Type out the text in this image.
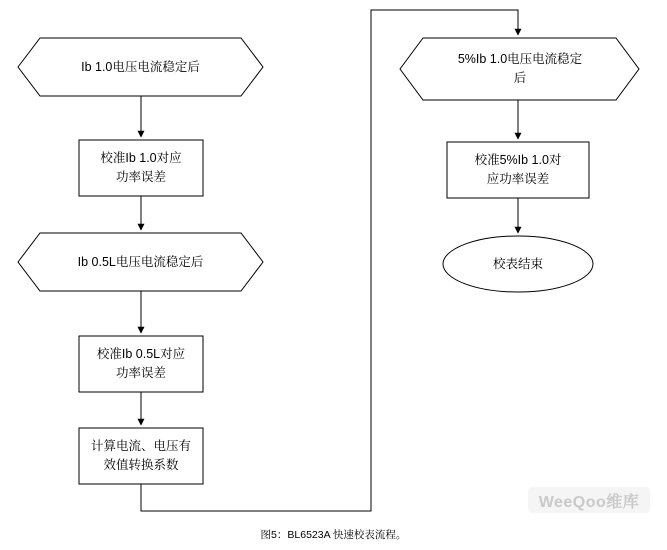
Ib 1.0电压电流稳定后
校准Ib 1.0对应
功率误差
Ib 0.5L电压电流稳定后
校准Ib 0.5L对应
功率误差
计算电流、电压有
效值转换系数
5%Ib 1.0电压电流稳定
后
校准5%Ib 1.0对
应功率误差
校表结束
WeeQoo维库
图5：BL6523A 快速校表流程。
